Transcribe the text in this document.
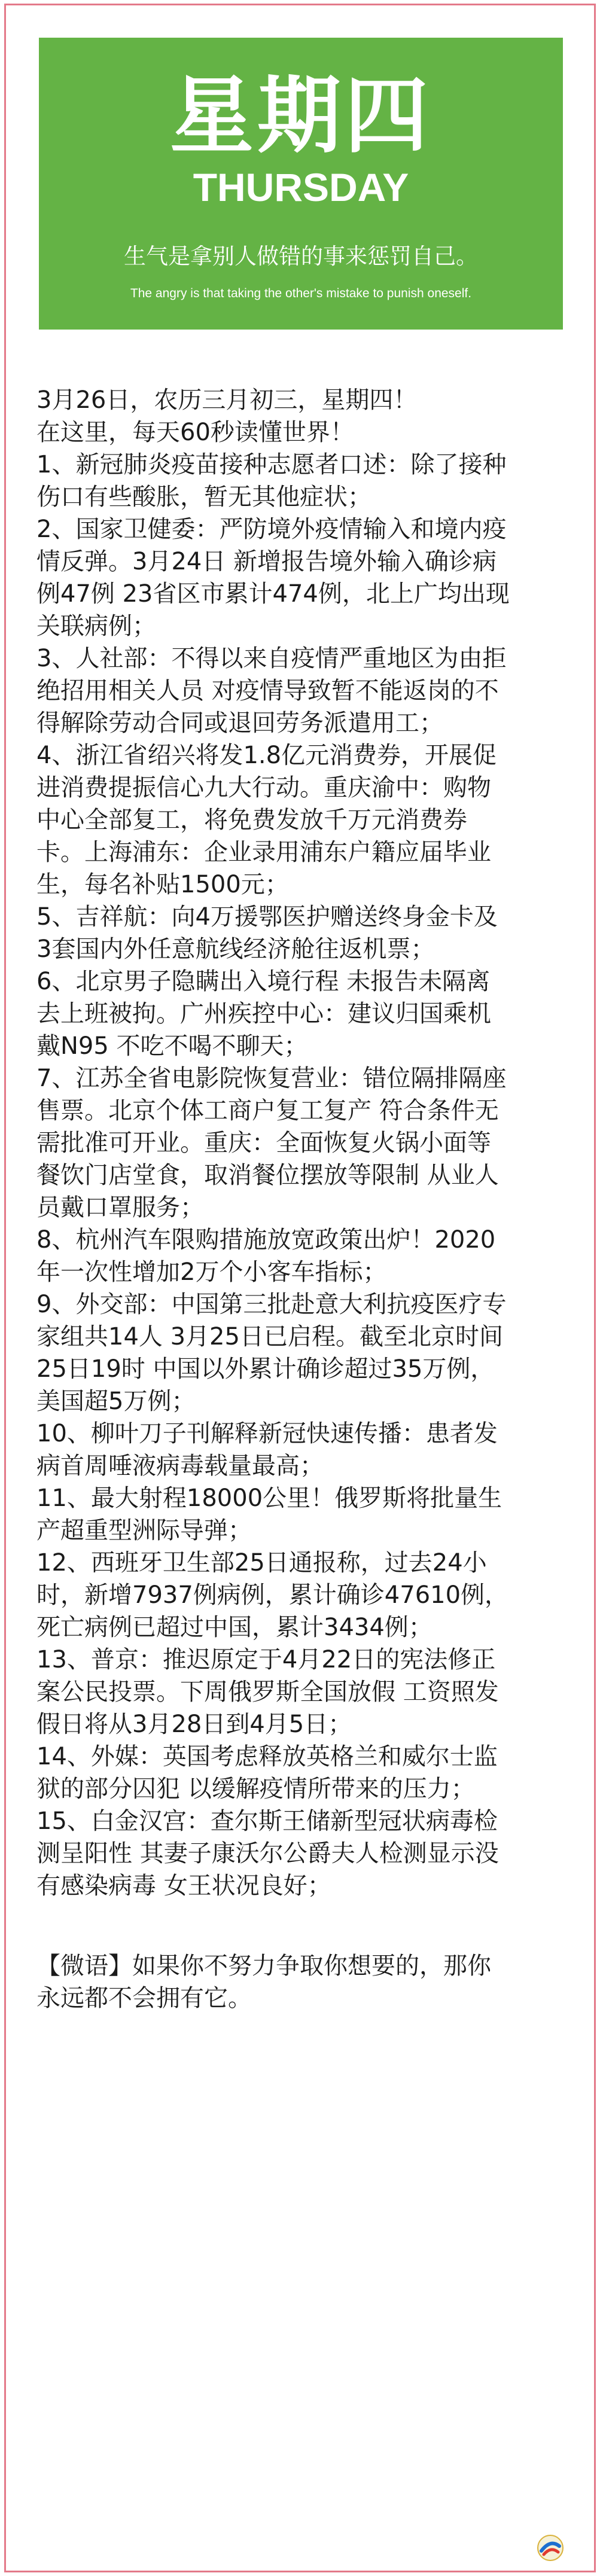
星期四
THURSDAY
生气是拿别人做错的事来惩罚自己。
The angry is that taking the other's mistake to punish oneself.

3月26日，农历三月初三，星期四！

在这里，每天60秒读懂世界！

1、新冠肺炎疫苗接种志愿者口述：除了接种

伤口有些酸胀，暂无其他症状；

2、国家卫健委：严防境外疫情输入和境内疫

情反弹。3月24日 新增报告境外输入确诊病

例47例 23省区市累计474例，北上广均出现

关联病例；

3、人社部：不得以来自疫情严重地区为由拒

绝招用相关人员 对疫情导致暂不能返岗的不

得解除劳动合同或退回劳务派遣用工；

4、浙江省绍兴将发1.8亿元消费券，开展促

进消费提振信心九大行动。重庆渝中：购物

中心全部复工，将免费发放千万元消费券

卡。上海浦东：企业录用浦东户籍应届毕业

生，每名补贴1500元；

5、吉祥航：向4万援鄂医护赠送终身金卡及

3套国内外任意航线经济舱往返机票；

6、北京男子隐瞒出入境行程 未报告未隔离

去上班被拘。广州疾控中心：建议归国乘机

戴N95 不吃不喝不聊天；

7、江苏全省电影院恢复营业：错位隔排隔座

售票。北京个体工商户复工复产 符合条件无

需批准可开业。重庆：全面恢复火锅小面等

餐饮门店堂食，取消餐位摆放等限制 从业人

员戴口罩服务；

8、杭州汽车限购措施放宽政策出炉！2020

年一次性增加2万个小客车指标；

9、外交部：中国第三批赴意大利抗疫医疗专

家组共14人 3月25日已启程。截至北京时间

25日19时 中国以外累计确诊超过35万例，

美国超5万例；

10、柳叶刀子刊解释新冠快速传播：患者发

病首周唾液病毒载量最高；

11、最大射程18000公里！俄罗斯将批量生

产超重型洲际导弹；

12、西班牙卫生部25日通报称，过去24小

时，新增7937例病例，累计确诊47610例，

死亡病例已超过中国，累计3434例；

13、普京：推迟原定于4月22日的宪法修正

案公民投票。下周俄罗斯全国放假 工资照发

假日将从3月28日到4月5日；

14、外媒：英国考虑释放英格兰和威尔士监

狱的部分囚犯 以缓解疫情所带来的压力；

15、白金汉宫：查尔斯王储新型冠状病毒检

测呈阳性 其妻子康沃尔公爵夫人检测显示没

有感染病毒 女王状况良好；

【微语】如果你不努力争取你想要的，那你

永远都不会拥有它。
